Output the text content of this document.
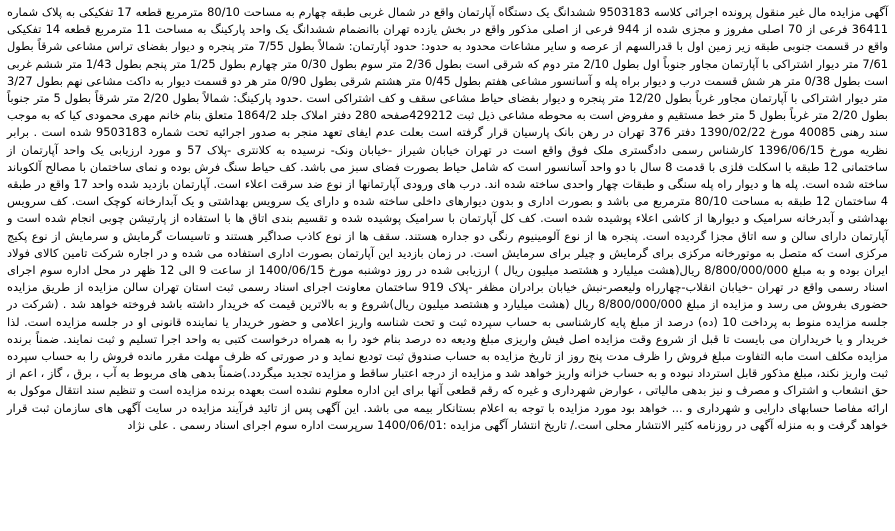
آگهی مزایده مال غیر منقول پرونده اجرائی کلاسه 9503183 ششدانگ یک دستگاه آپارتمان واقع در شمال غربی طبقه چهارم به مساحت 80/10 مترمربع قطعه 17 تفکیکی به پلاک شماره 36411 فرعی از 70 اصلی مفروز و مجزی شده از 944 فرعی از اصلی مذکور واقع در بخش یازده تهران باانضمام ششدانگ یک واحد پارکینگ به مساحت 11 مترمربع قطعه 14 تفکیکی واقع در قسمت جنوبی طبقه زیر زمین اول با قدرالسهم از عرصه و سایر مشاعات محدود به حدود: حدود آپارتمان: شمالاً بطول 7/55 متر پنجره و دیوار بفضای تراس مشاعی شرقاً بطول 7/61 متر دیوار اشتراکی با آپارتمان مجاور جنوباً اول بطول 2/10 متر دوم که شرقی است بطول 2/36 متر سوم بطول 0/30 متر چهارم بطول 1/25 متر پنجم بطول 1/43 متر ششم غربی است بطول 0/38 متر هر شش قسمت درب و دیوار براه پله و آسانسور مشاعی هفتم بطول 0/45 متر هشتم شرقی بطول 0/90 متر هر دو قسمت دیوار به داکت مشاعی نهم بطول 3/27 متر دیوار اشتراکی با آپارتمان مجاور غرباً بطول 12/20 متر پنجره و دیوار بفضای حیاط مشاعی سقف و کف اشتراکی است .حدود پارکینگ: شمالاً بطول 2/20 متر شرقاً بطول 5 متر جنوباً بطول 2/20 متر غرباً بطول 5 متر خط مستقیم و مفروض است به محوطه مشاعی ذیل ثبت 429212صفحه 280 دفتر املاک جلد 1864/2 متعلق بنام خانم مهری محمودی کیا که به موجب سند رهنی 40085 مورخ 1390/02/22 دفتر 376 تهران در رهن بانک پارسیان قرار گرفته است بعلت عدم ایفای تعهد منجر به صدور اجرائیه تحت شماره 9503183 شده است . برابر نظریه مورخ 1396/06/15 کارشناس رسمی دادگستری ملک فوق واقع است در تهران خیابان شیراز -خیابان ونک- نرسیده به کلانتری -پلاک 57 و مورد ارزیابی یک واحد آپارتمان از ساختمانی 12 طبقه با اسکلت فلزی با قدمت 8 سال با دو واحد آسانسور است که شامل حیاط بصورت فضای سبز می باشد. کف حیاط سنگ فرش بوده و نمای ساختمان با مصالح آلکوباند ساخته شده است. پله ها و دیوار راه پله سنگی و طبقات چهار واحدی ساخته شده اند. درب های ورودی آپارتمانها از نوع ضد سرقت اعلاء است. آپارتمان بازدید شده واحد 17 واقع در طبقه 4 ساختمان 12 طبقه به مساحت 80/10 مترمربع می باشد و بصورت اداری و بدون دیوارهای داخلی ساخته شده و دارای یک سرویس بهداشتی و یک آبدارخانه کوچک است. کف سرویس بهداشتی و آبدرخانه سرامیک و دیوارها از کاشی اعلاء پوشیده شده است. کف کل آپارتمان با سرامیک پوشیده شده و تقسیم بندی اتاق ها با استفاده از پارتیشن چوبی انجام شده است و آپارتمان دارای سالن و سه اتاق مجزا گردیده است. پنجره ها از نوع آلومینیوم رنگی دو جداره هستند. سقف ها از نوع کاذب صداگیر هستند و تاسیسات گرمایش و سرمایش از نوع پکیج مرکزی است که متصل به موتورخانه مرکزی برای گرمایش و چیلر برای سرمایش است. در زمان بازدید این آپارتمان بصورت اداری استفاده می شده و در اجاره شرکت تامین کالای فولاد ایران بوده و به مبلغ 8/800/000/000 ریال(هشت میلیارد و هشتصد میلیون ریال ) ارزیابی شده در روز دوشنبه مورخ 1400/06/15 از ساعت 9 الی 12 ظهر در محل اداره سوم اجرای اسناد رسمی واقع در تهران -خیابان انقلاب-چهارراه ولیعصر-نبش خیابان برادران مظفر -پلاک 919 ساختمان معاونت اجرای اسناد رسمی ثبت استان تهران سالن مزایده از طریق مزایده حضوری بفروش می رسد و مزایده از مبلغ 8/800/000/000 ریال (هشت میلیارد و هشتصد میلیون ریال)شروع و به بالاترین قیمت که خریدار داشته باشد فروخته خواهد شد . (شرکت در جلسه مزایده منوط به پرداخت 10 (ده) درصد از مبلغ پایه کارشناسی به حساب سپرده ثبت و تحت شناسه واریز اعلامی و حضور خریدار یا نماینده قانونی او در جلسه مزایده است. لذا خریدار و یا خریداران می بایست تا قبل از شروع وقت مزایده اصل فیش واریزی مبلغ ودیعه ده درصد بنام خود را به همراه درخواست کتبی به واحد اجرا تسلیم و ثبت نمایند. ضمناً برنده مزایده مکلف است مابه التفاوت مبلغ فروش را ظرف مدت پنج روز از تاریخ مزایده به حساب صندوق ثبت تودیع نماید و در صورتی که ظرف مهلت مقرر مانده فروش را به حساب سپرده ثبت واریز نکند، مبلغ مذکور قابل استرداد نبوده و به حساب خزانه واریز خواهد شد و مزایده از درجه اعتبار ساقط و مزایده تجدید میگردد.)ضمناً بدهی های مربوط به آب ، برق ، گاز ، اعم از حق انشعاب و اشتراک و مصرف و نیز بدهی مالیاتی ، عوارض شهرداری و غیره که رقم قطعی آنها برای این اداره معلوم نشده است بعهده برنده مزایده است و تنظیم سند انتقال موکول به ارائه مفاصا حسابهای دارایی و شهرداری و ... خواهد بود مورد مزایده با توجه به اعلام بستانکار بیمه می باشد. این آگهی پس از تائید فرآیند مزایده در سایت آگهی های سازمان ثبت قرار خواهد گرفت و به منزله آگهی در روزنامه کثیر الانتشار محلی است./ تاریخ انتشار آگهی مزایده :1400/06/01 سرپرست اداره سوم اجرای اسناد رسمی . علی نژاد
